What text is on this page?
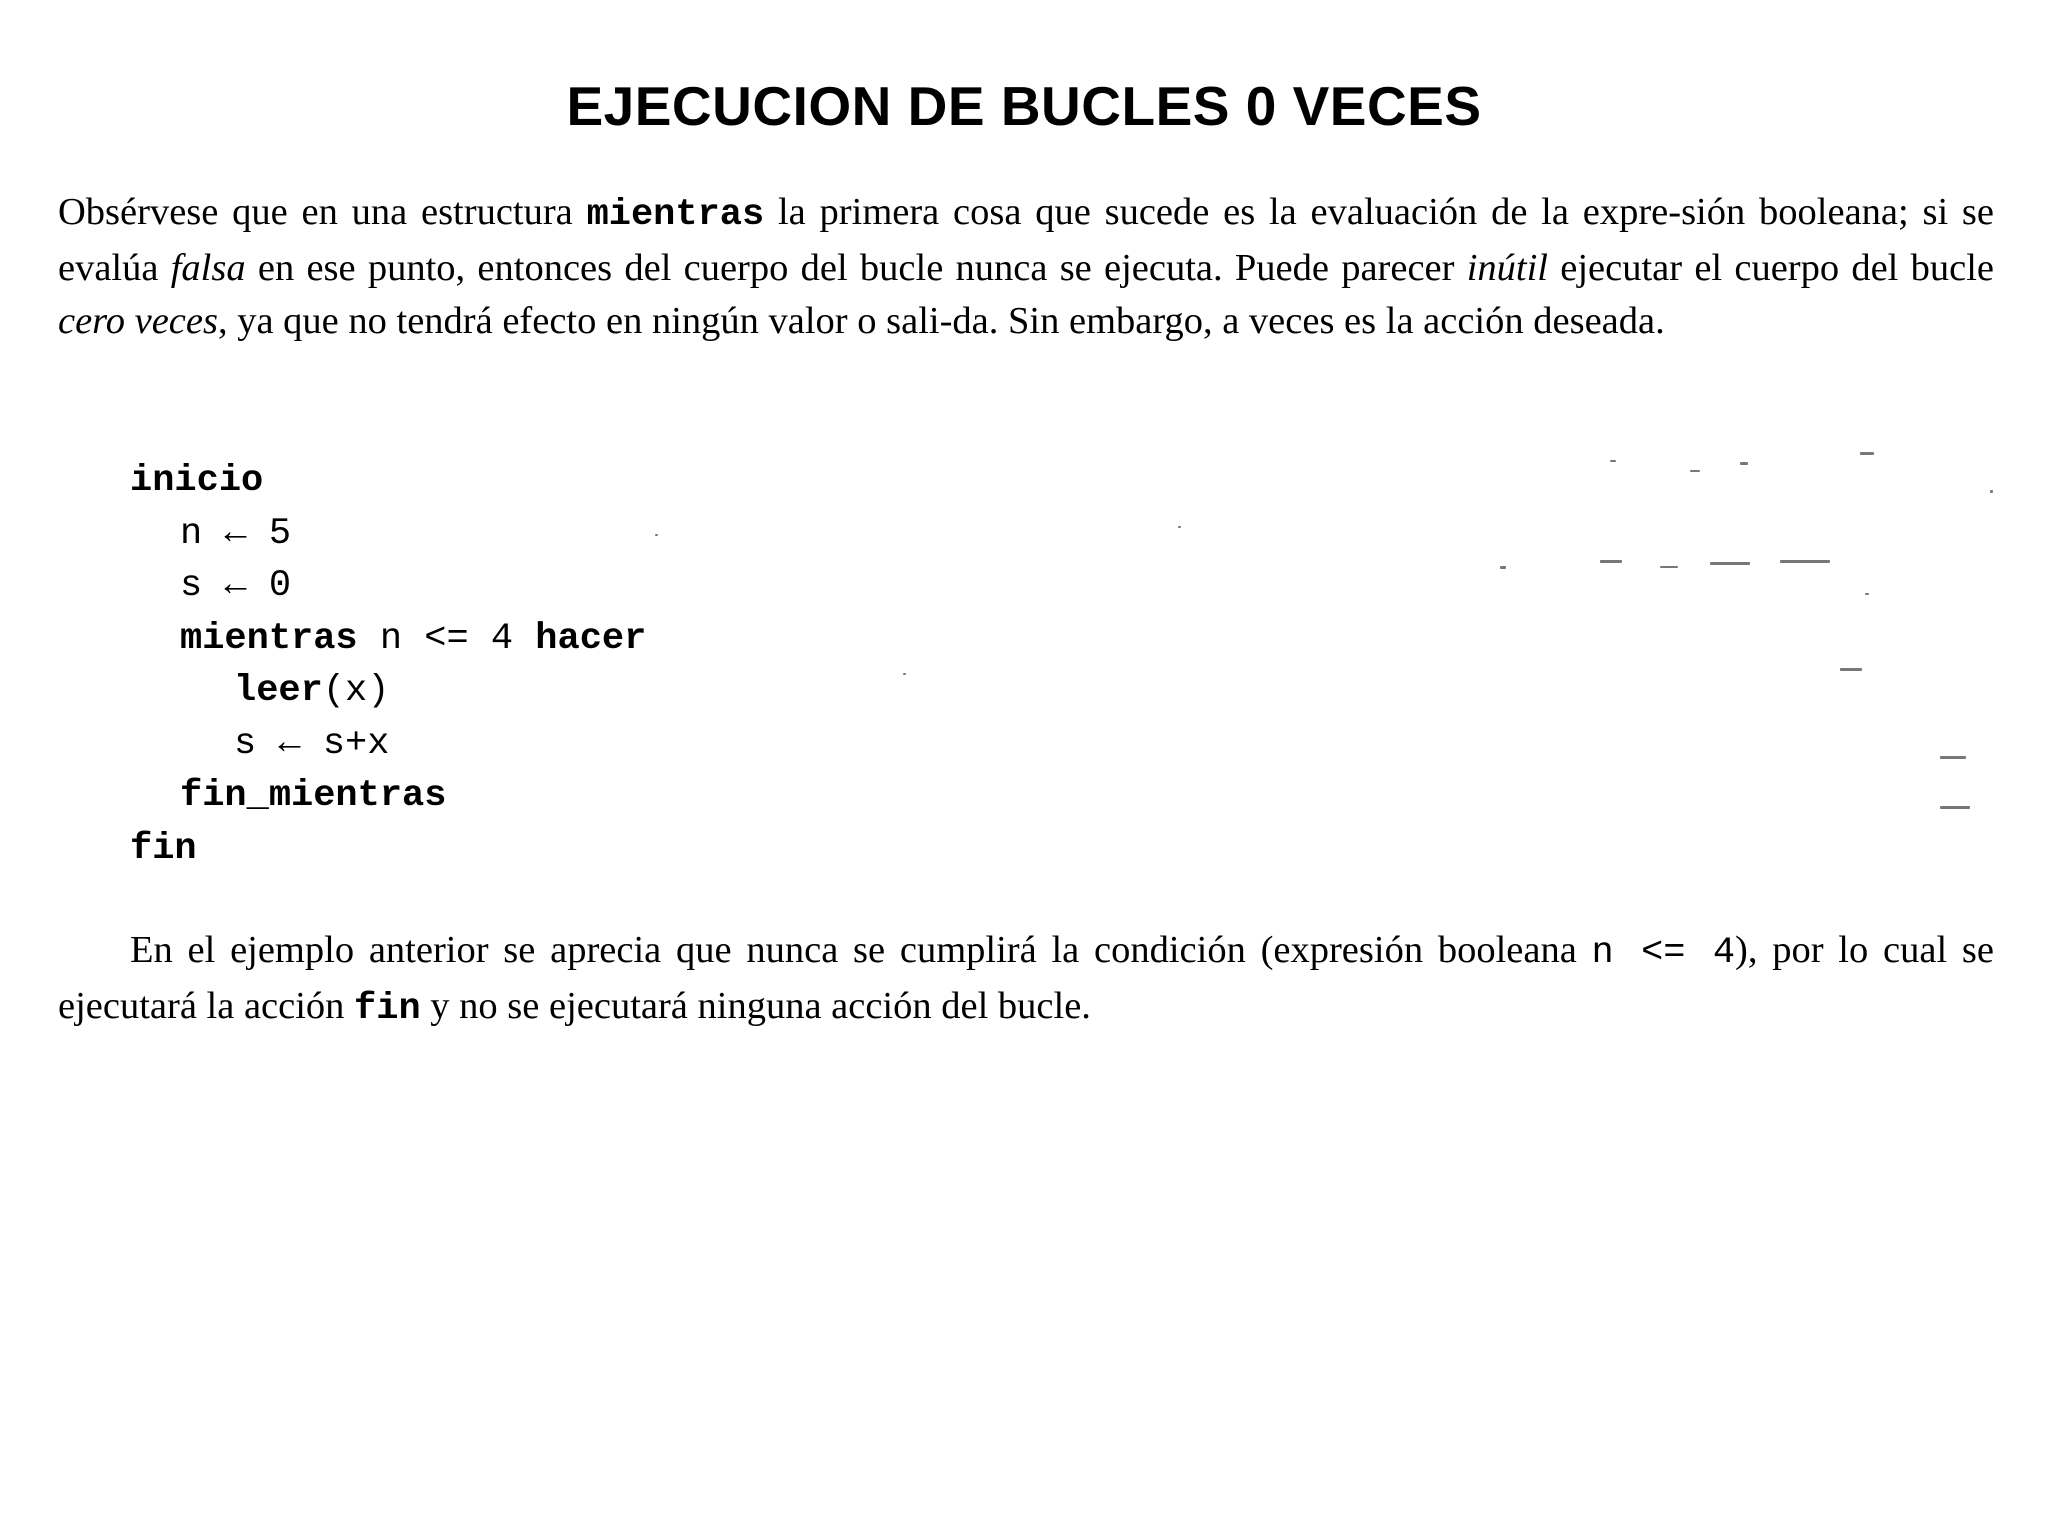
EJECUCION DE BUCLES 0 VECES

Obsérvese que en una estructura mientras la primera cosa que sucede es la evaluación de la expre-sión booleana; si se evalúa falsa en ese punto, entonces del cuerpo del bucle nunca se ejecuta. Puede parecer inútil ejecutar el cuerpo del bucle cero veces, ya que no tendrá efecto en ningún valor o sali-da. Sin embargo, a veces es la acción deseada.

inicio
n ← 5
s ← 0
mientras n <= 4 hacer
leer(x)
s ← s+x
fin_mientras
fin

En el ejemplo anterior se aprecia que nunca se cumplirá la condición (expresión booleana n <= 4), por lo cual se ejecutará la acción fin y no se ejecutará ninguna acción del bucle.
